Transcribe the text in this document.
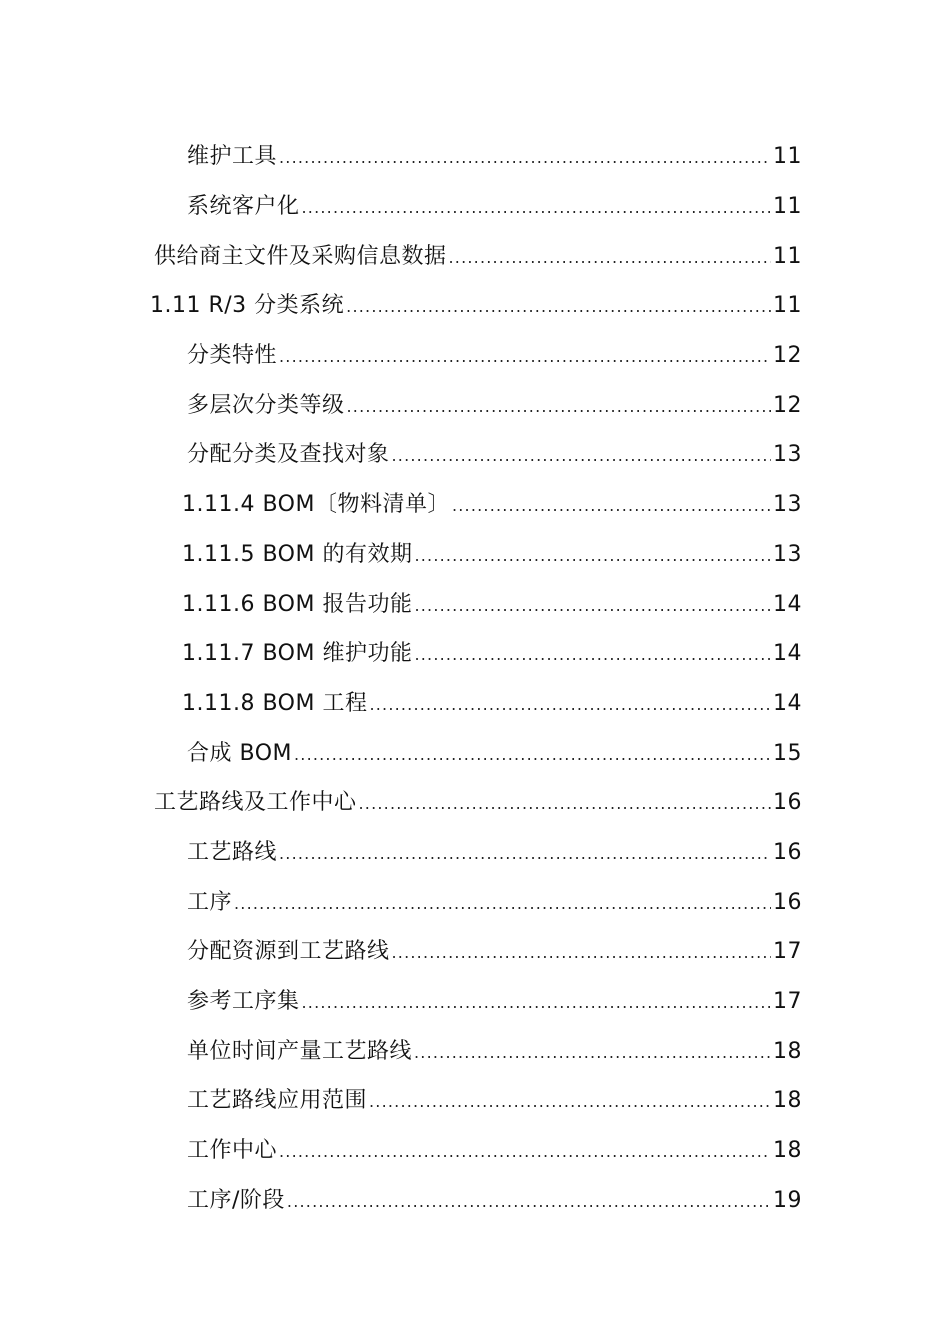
维护工具 .....	11
系统客户化 .....	11
供给商主文件及采购信息数据 .....	11
1.11 R/3 分类系统 .....	11
分类特性 .....	12
多层次分类等级 .....	12
分配分类及查找对象 .....	13
1.11.4 BOM〔物料清单〕 .....	13
1.11.5 BOM 的有效期 .....	13
1.11.6 BOM 报告功能 .....	14
1.11.7 BOM 维护功能 .....	14
1.11.8 BOM 工程 .....	14
合成 BOM .....	15
工艺路线及工作中心 .....	16
工艺路线 .....	16
工序 .....	16
分配资源到工艺路线 .....	17
参考工序集 .....	17
单位时间产量工艺路线 .....	18
工艺路线应用范围 .....	18
工作中心 .....	18
工序/阶段 .....	19
